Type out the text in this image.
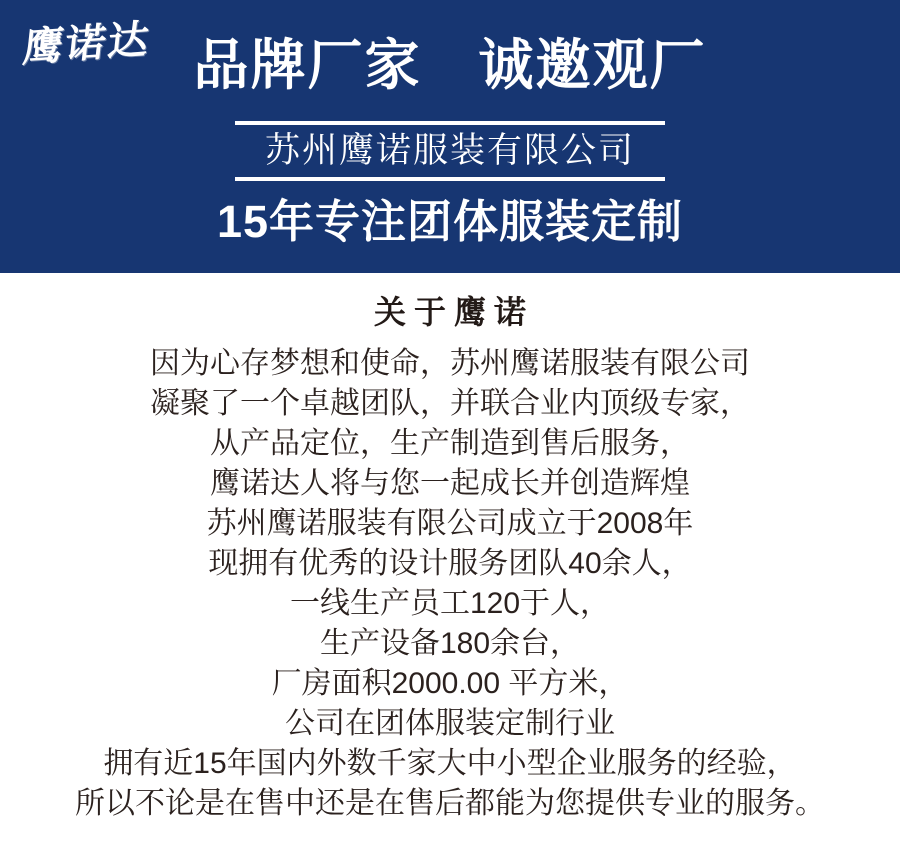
鹰诺达 品牌厂家　诚邀观厂
苏州鹰诺服装有限公司
15年专注团体服装定制
关于鹰诺
因为心存梦想和使命，苏州鹰诺服装有限公司
凝聚了一个卓越团队，并联合业内顶级专家，
从产品定位，生产制造到售后服务，
鹰诺达人将与您一起成长并创造辉煌
苏州鹰诺服装有限公司成立于2008年
现拥有优秀的设计服务团队40余人，
一线生产员工120于人，
生产设备180余台，
厂房面积2000.00 平方米，
公司在团体服装定制行业
拥有近15年国内外数千家大中小型企业服务的经验，
所以不论是在售中还是在售后都能为您提供专业的服务。
